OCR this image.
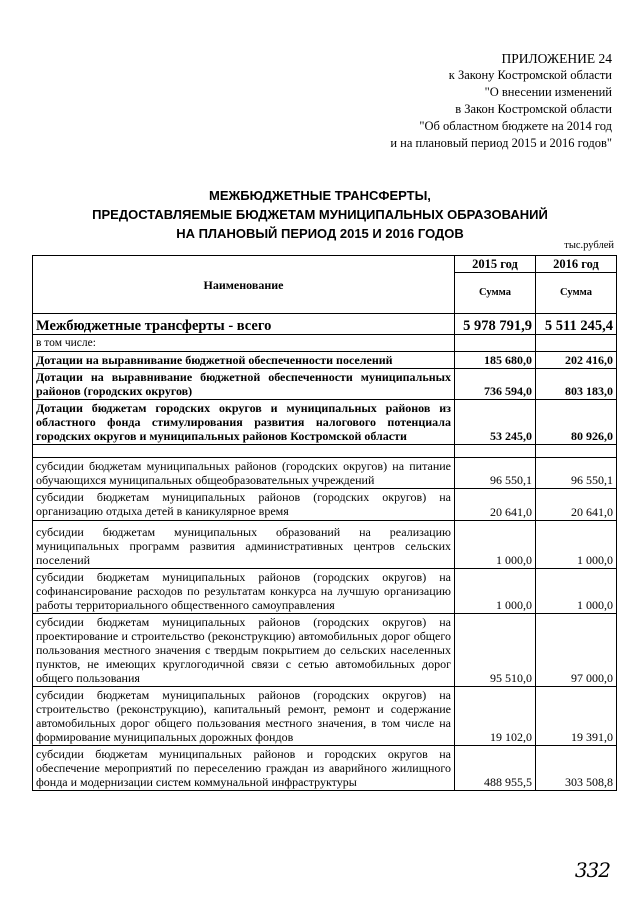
ПРИЛОЖЕНИЕ 24
к Закону Костромской области
"О внесении изменений
в Закон Костромской области
"Об областном бюджете на 2014 год
и на плановый период 2015 и 2016 годов"
МЕЖБЮДЖЕТНЫЕ ТРАНСФЕРТЫ,
ПРЕДОСТАВЛЯЕМЫЕ БЮДЖЕТАМ МУНИЦИПАЛЬНЫХ ОБРАЗОВАНИЙ
НА ПЛАНОВЫЙ ПЕРИОД 2015 И 2016 ГОДОВ
тыс.рублей
Наименование	2015 год	2016 год
	Сумма	Сумма
Межбюджетные трансферты - всего	5 978 791,9	5 511 245,4
в том числе:		
Дотации на выравнивание бюджетной обеспеченности поселений	185 680,0	202 416,0
Дотации на выравнивание бюджетной обеспеченности муниципальных районов (городских округов)	736 594,0	803 183,0
Дотации бюджетам городских округов и муниципальных районов из областного фонда стимулирования развития налогового потенциала городских округов и муниципальных районов Костромской области	53 245,0	80 926,0

субсидии бюджетам муниципальных районов (городских округов) на питание обучающихся муниципальных общеобразовательных учреждений	96 550,1	96 550,1
субсидии бюджетам муниципальных районов (городских округов) на организацию отдыха детей в каникулярное время	20 641,0	20 641,0
субсидии бюджетам муниципальных образований на реализацию муниципальных программ развития административных центров сельских поселений	1 000,0	1 000,0
субсидии бюджетам муниципальных районов (городских округов) на софинансирование расходов по результатам конкурса на лучшую организацию работы территориального общественного самоуправления	1 000,0	1 000,0
субсидии бюджетам муниципальных районов (городских округов) на проектирование и строительство (реконструкцию) автомобильных дорог общего пользования местного значения с твердым покрытием до сельских населенных пунктов, не имеющих круглогодичной связи с сетью автомобильных дорог общего пользования	95 510,0	97 000,0
субсидии бюджетам муниципальных районов (городских округов) на строительство (реконструкцию), капитальный ремонт, ремонт и содержание автомобильных дорог общего пользования местного значения, в том числе на формирование муниципальных дорожных фондов	19 102,0	19 391,0
субсидии бюджетам муниципальных районов и городских округов на обеспечение мероприятий по переселению граждан из аварийного жилищного фонда и модернизации систем коммунальной инфраструктуры	488 955,5	303 508,8
332
